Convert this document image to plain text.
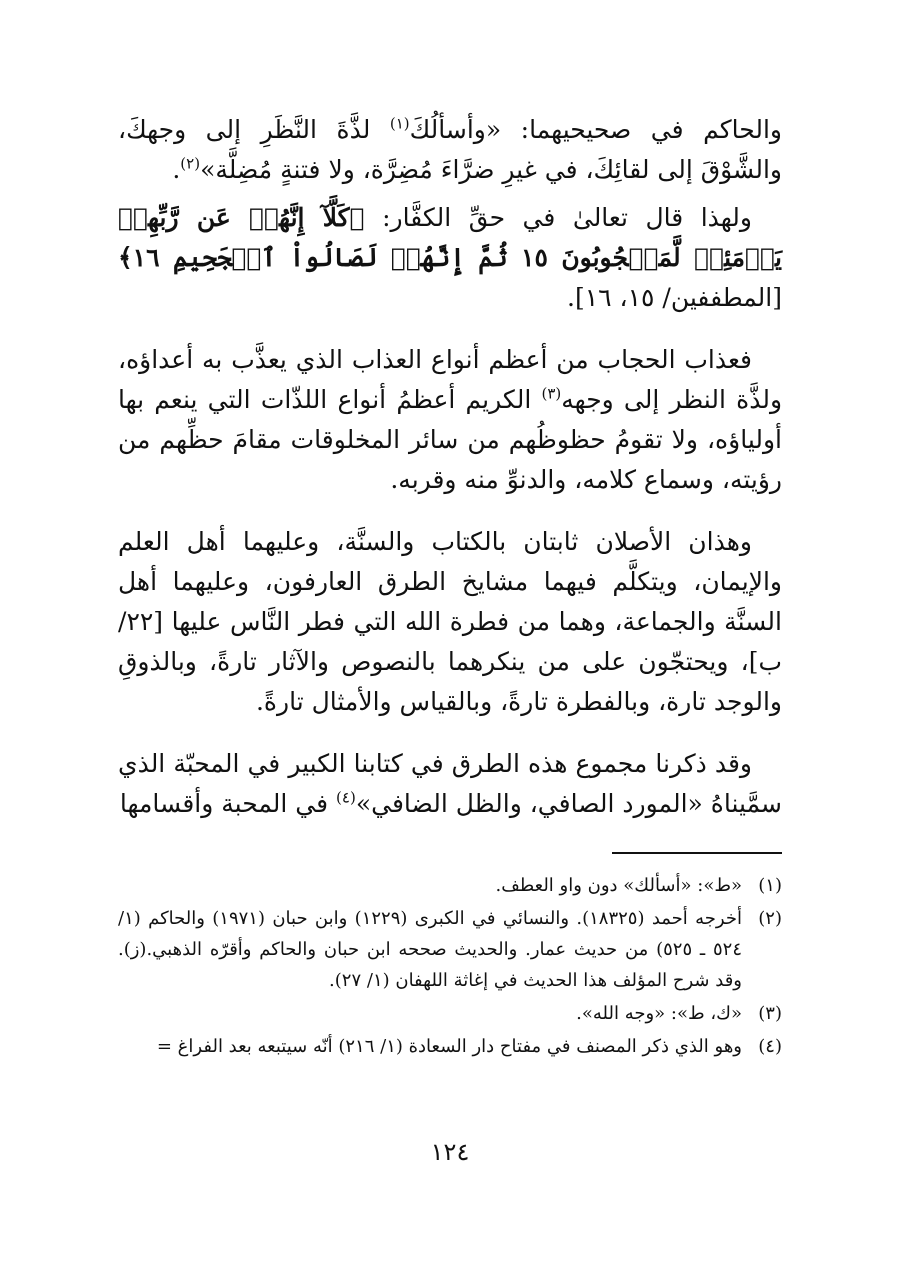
والحاكم في صحيحيهما: «وأسألُكَ$^{(١)}$ لذَّةَ النَّظَرِ إلى وجهكَ، والشَّوْقَ إلى لقائِكَ، في غيرِ ضرَّاءَ مُضِرَّة، ولا فتنةٍ مُضِلَّة»$^{(٢)}$.

ولهذا قال تعالىٰ في حقِّ الكفَّار: ﴿كَلَّآ إِنَّهُمۡ عَن رَّبِّهِمۡ يَوۡمَئِذٖ لَّمَحۡجُوبُونَ ١٥ ثُمَّ إِنَّهُمۡ لَصَالُواْ ٱلۡجَحِيمِ ١٦﴾[المطففين/ ١٥، ١٦].

فعذاب الحجاب من أعظم أنواع العذاب الذي يعذَّب به أعداؤه، ولذَّة النظر إلى وجهه$^{(٣)}$ الكريم أعظمُ أنواع اللذّات التي ينعم بها أولياؤه، ولا تقومُ حظوظُهم من سائر المخلوقات مقامَ حظِّهم من رؤيته، وسماع كلامه، والدنوِّ منه وقربه.

وهذان الأصلان ثابتان بالكتاب والسنَّة، وعليهما أهل العلم والإيمان، ويتكلَّم فيهما مشايخ الطرق العارفون، وعليهما أهل السنَّة والجماعة، وهما من فطرة الله التي فطر النَّاس عليها [٢٢/ب]، ويحتجّون على من ينكرهما بالنصوص والآثار تارةً، وبالذوقِ والوجد تارة، وبالفطرة تارةً، وبالقياس والأمثال تارةً.

وقد ذكرنا مجموع هذه الطرق في كتابنا الكبير في المحبّة الذي سمَّيناهُ «المورد الصافي، والظل الضافي»$^{(٤)}$ في المحبة وأقسامها

(١)
«ط»: «أسألك» دون واو العطف.
(٢)
أخرجه أحمد (١٨٣٢٥). والنسائي في الكبرى (١٢٢٩) وابن حبان (١٩٧١) والحاكم (١/ ٥٢٤ ـ ٥٢٥) من حديث عمار. والحديث صححه ابن حبان والحاكم وأقرّه الذهبي.(ز). وقد شرح المؤلف هذا الحديث في إغاثة اللهفان (١/ ٢٧).
(٣)
«ك، ط»: «وجه الله».
(٤)
وهو الذي ذكر المصنف في مفتاح دار السعادة (١/ ٢١٦) أنّه سيتبعه بعد الفراغ =
١٢٤
